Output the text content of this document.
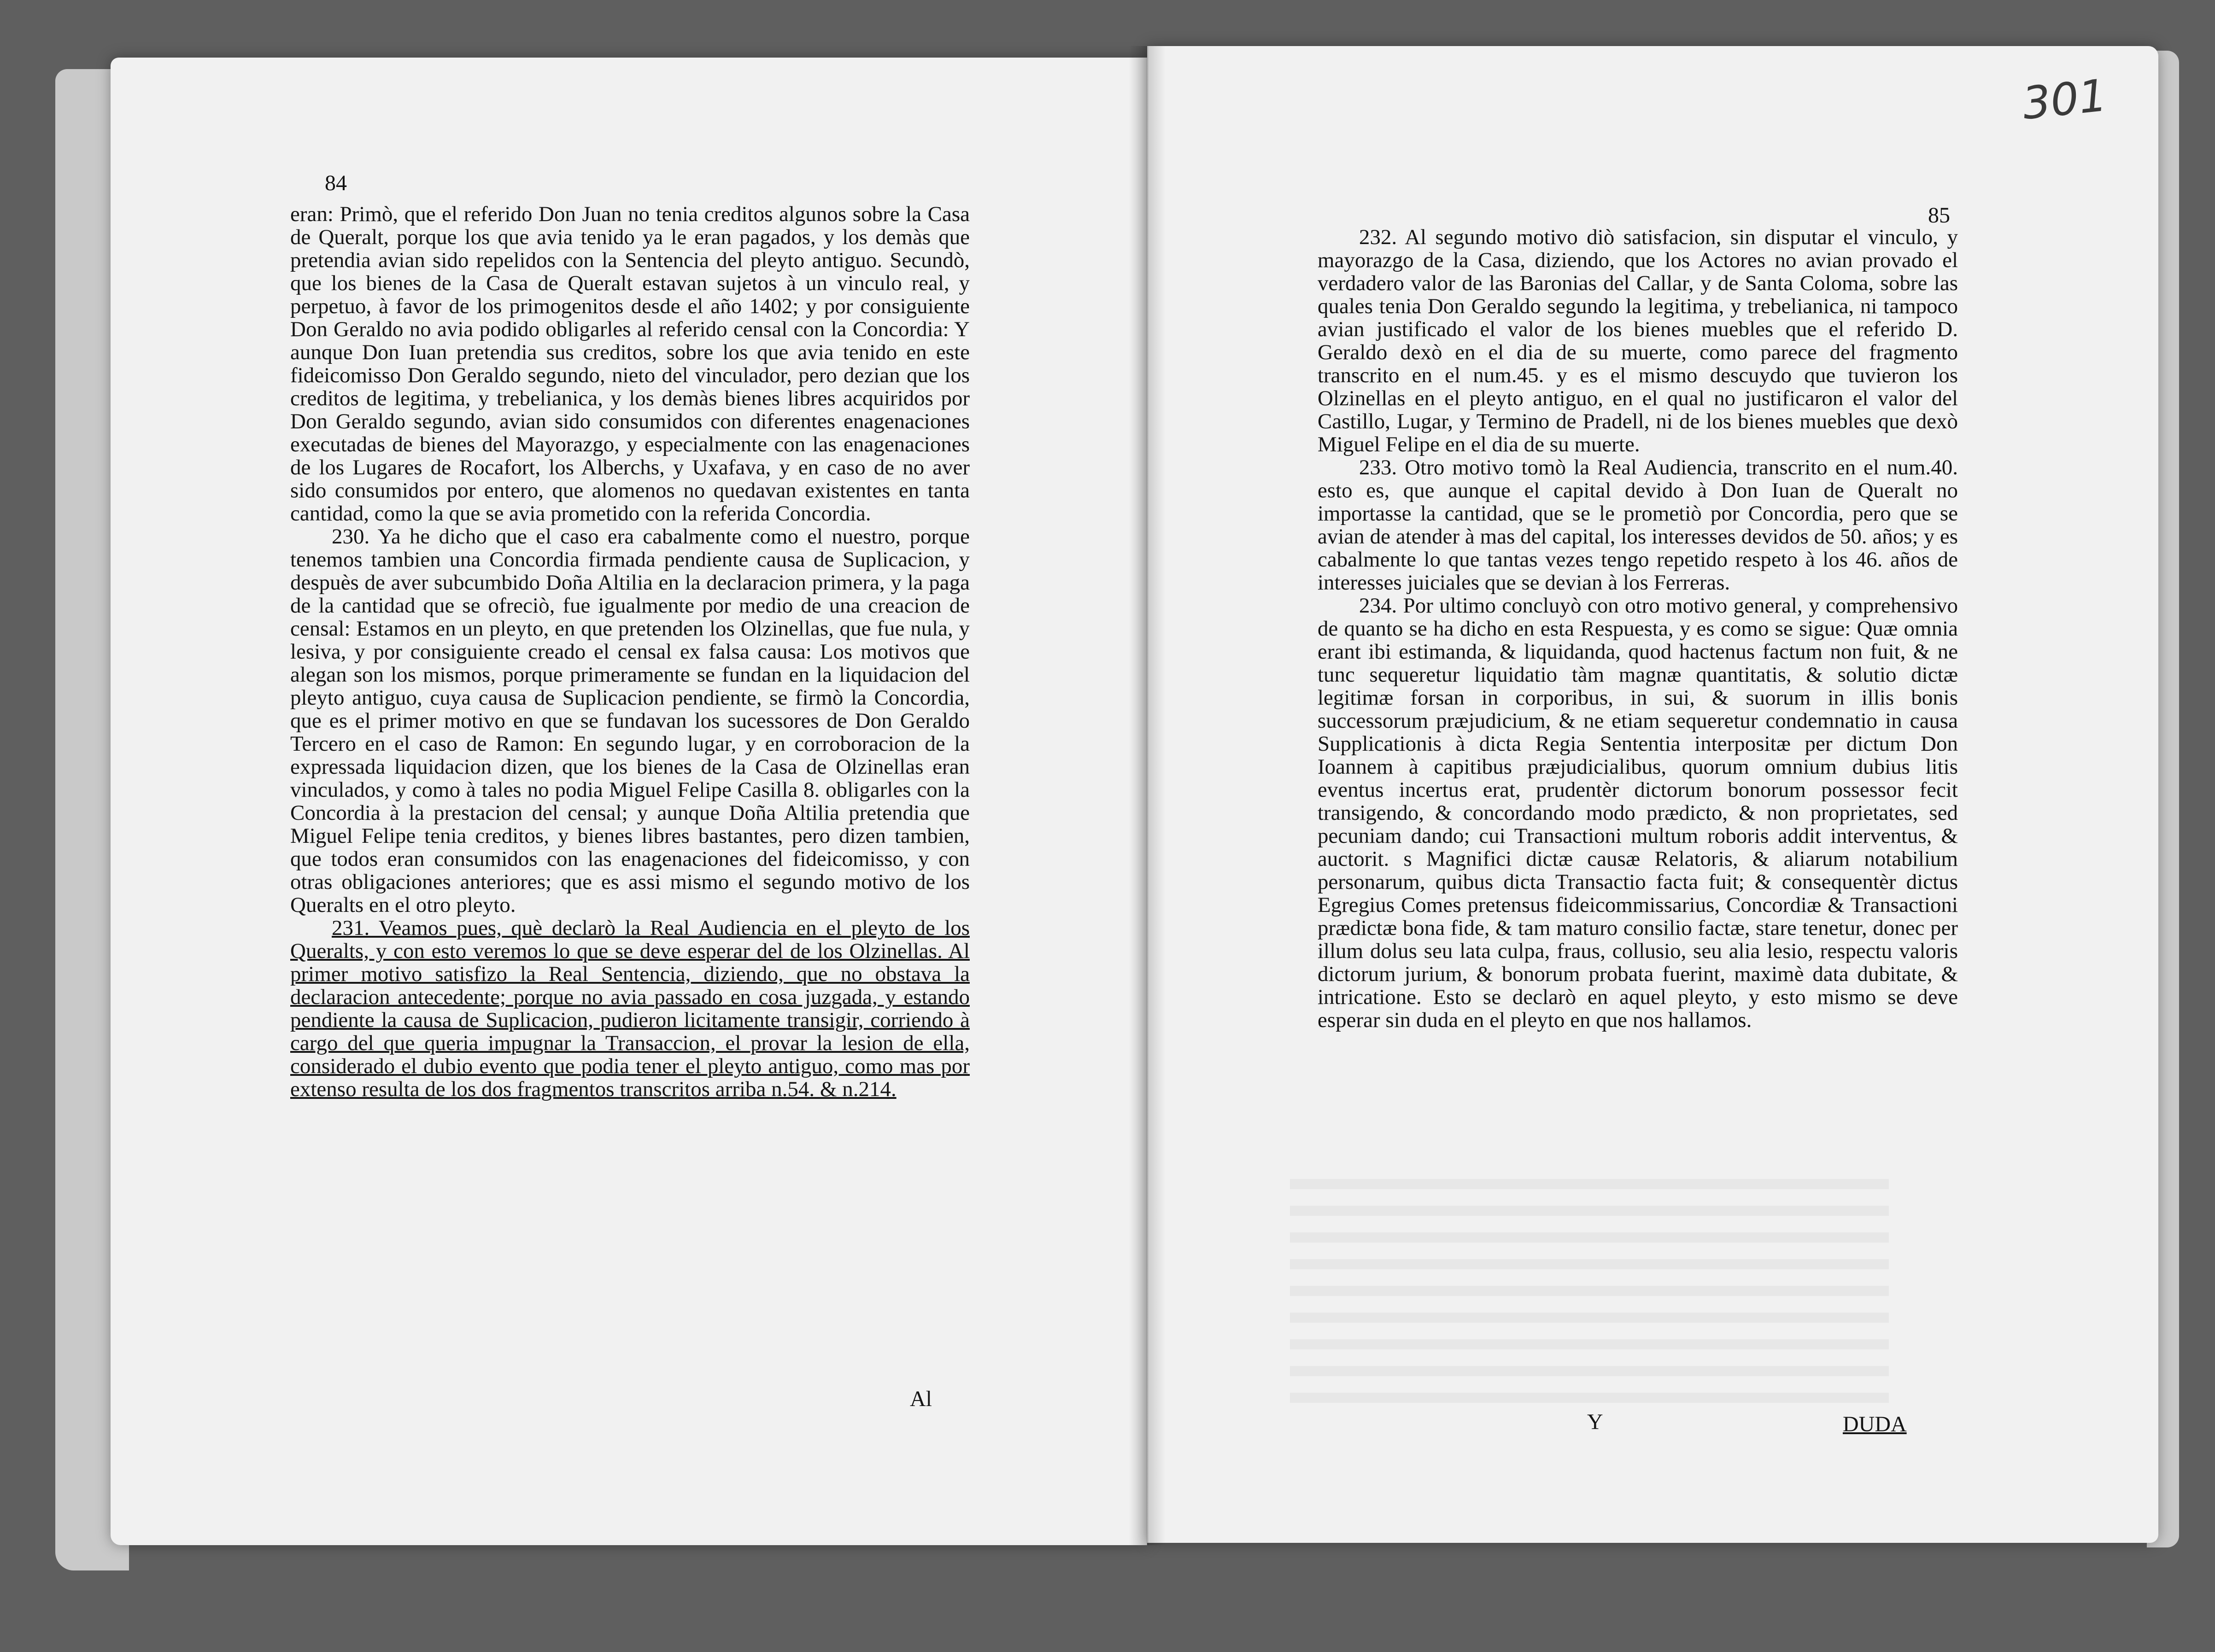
84
85
301

eran: Primò, que el referido Don Juan no tenia creditos algunos sobre la Casa de Queralt, porque los que avia tenido ya le eran pagados, y los demàs que pretendia avian sido repelidos con la Sentencia del pleyto antiguo. Secundò, que los bienes de la Casa de Queralt estavan sujetos à un vinculo real, y perpetuo, à favor de los primogenitos desde el año 1402; y por consiguiente Don Geraldo no avia podido obligarles al referido censal con la Concordia: Y aunque Don Iuan pretendia sus creditos, sobre los que avia tenido en este fideicomisso Don Geraldo segundo, nieto del vinculador, pero dezian que los creditos de legitima, y trebelianica, y los demàs bienes libres acquiridos por Don Geraldo segundo, avian sido consumidos con diferentes enagenaciones executadas de bienes del Mayorazgo, y especialmente con las enagenaciones de los Lugares de Rocafort, los Alberchs, y Uxafava, y en caso de no aver sido consumidos por entero, que alomenos no quedavan existentes en tanta cantidad, como la que se avia prometido con la referida Concordia.

230. Ya he dicho que el caso era cabalmente como el nuestro, porque tenemos tambien una Concordia firmada pendiente causa de Suplicacion, y despuès de aver subcumbido Doña Altilia en la declaracion primera, y la paga de la cantidad que se ofreciò, fue igualmente por medio de una creacion de censal: Estamos en un pleyto, en que pretenden los Olzinellas, que fue nula, y lesiva, y por consiguiente creado el censal ex falsa causa: Los motivos que alegan son los mismos, porque primeramente se fundan en la liquidacion del pleyto antiguo, cuya causa de Suplicacion pendiente, se firmò la Concordia, que es el primer motivo en que se fundavan los sucessores de Don Geraldo Tercero en el caso de Ramon: En segundo lugar, y en corroboracion de la expressada liquidacion dizen, que los bienes de la Casa de Olzinellas eran vinculados, y como à tales no podia Miguel Felipe Casilla 8. obligarles con la Concordia à la prestacion del censal; y aunque Doña Altilia pretendia que Miguel Felipe tenia creditos, y bienes libres bastantes, pero dizen tambien, que todos eran consumidos con las enagenaciones del fideicomisso, y con otras obligaciones anteriores; que es assi mismo el segundo motivo de los Queralts en el otro pleyto.

231. Veamos pues, què declarò la Real Audiencia en el pleyto de los Queralts, y con esto veremos lo que se deve esperar del de los Olzinellas. Al primer motivo satisfizo la Real Sentencia, diziendo, que no obstava la declaracion antecedente; porque no avia passado en cosa juzgada, y estando pendiente la causa de Suplicacion, pudieron licitamente transigir, corriendo à cargo del que queria impugnar la Transaccion, el provar la lesion de ella, considerado el dubio evento que podia tener el pleyto antiguo, como mas por extenso resulta de los dos fragmentos transcritos arriba n.54. & n.214.

Al

232. Al segundo motivo diò satisfacion, sin disputar el vinculo, y mayorazgo de la Casa, diziendo, que los Actores no avian provado el verdadero valor de las Baronias del Callar, y de Santa Coloma, sobre las quales tenia Don Geraldo segundo la legitima, y trebelianica, ni tampoco avian justificado el valor de los bienes muebles que el referido D. Geraldo dexò en el dia de su muerte, como parece del fragmento transcrito en el num.45. y es el mismo descuydo que tuvieron los Olzinellas en el pleyto antiguo, en el qual no justificaron el valor del Castillo, Lugar, y Termino de Pradell, ni de los bienes muebles que dexò Miguel Felipe en el dia de su muerte.

233. Otro motivo tomò la Real Audiencia, transcrito en el num.40. esto es, que aunque el capital devido à Don Iuan de Queralt no importasse la cantidad, que se le prometiò por Concordia, pero que se avian de atender à mas del capital, los interesses devidos de 50. años; y es cabalmente lo que tantas vezes tengo repetido respeto à los 46. años de interesses juiciales que se devian à los Ferreras.

234. Por ultimo concluyò con otro motivo general, y comprehensivo de quanto se ha dicho en esta Respuesta, y es como se sigue: Quæ omnia erant ibi estimanda, & liquidanda, quod hactenus factum non fuit, & ne tunc sequeretur liquidatio tàm magnæ quantitatis, & solutio dictæ legitimæ forsan in corporibus, in sui, & suorum in illis bonis successorum præjudicium, & ne etiam sequeretur condemnatio in causa Supplicationis à dicta Regia Sententia interpositæ per dictum Don Ioannem à capitibus præjudicialibus, quorum omnium dubius litis eventus incertus erat, prudentèr dictorum bonorum possessor fecit transigendo, & concordando modo prædicto, & non proprietates, sed pecuniam dando; cui Transactioni multum roboris addit interventus, & auctorit. s Magnifici dictæ causæ Relatoris, & aliarum notabilium personarum, quibus dicta Transactio facta fuit; & consequentèr dictus Egregius Comes pretensus fideicommissarius, Concordiæ & Transactioni prædictæ bona fide, & tam maturo consilio factæ, stare tenetur, donec per illum dolus seu lata culpa, fraus, collusio, seu alia lesio, respectu valoris dictorum jurium, & bonorum probata fuerint, maximè data dubitate, & intricatione. Esto se declarò en aquel pleyto, y esto mismo se deve esperar sin duda en el pleyto en que nos hallamos.

Y	DUDA
